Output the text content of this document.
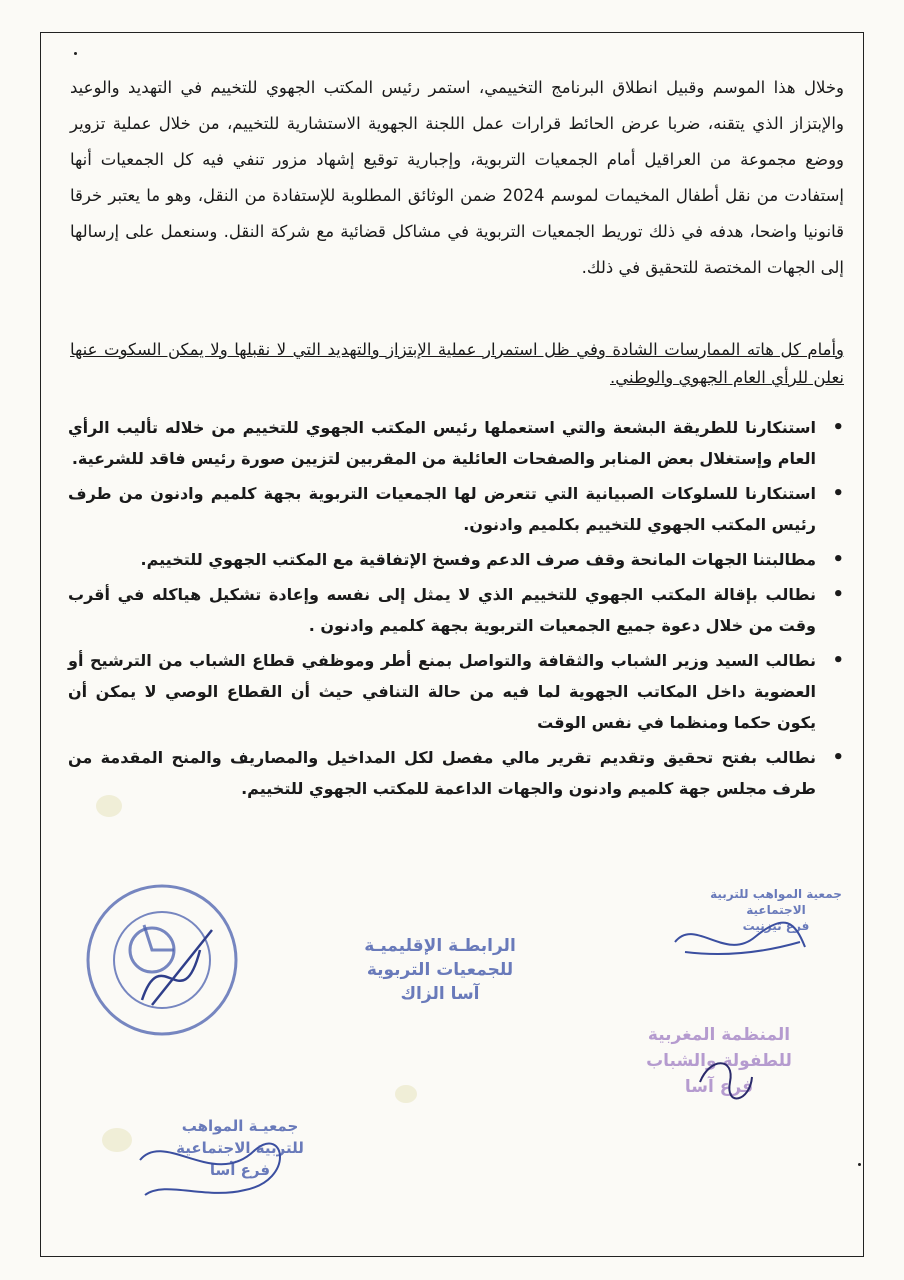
وخلال هذا الموسم وقبيل انطلاق البرنامج التخييمي، استمر رئيس المكتب الجهوي للتخييم في التهديد والوعيد والإبتزاز الذي يتقنه، ضربا عرض الحائط قرارات عمل اللجنة الجهوية الاستشارية للتخييم، من خلال عملية تزوير ووضع مجموعة من العراقيل أمام الجمعيات التربوية، وإجبارية توقيع إشهاد مزور تنفي فيه كل الجمعيات أنها إستفادت من نقل أطفال المخيمات لموسم 2024 ضمن الوثائق المطلوبة للإستفادة من النقل، وهو ما يعتبر خرقا قانونيا واضحا، هدفه في ذلك توريط الجمعيات التربوية في مشاكل قضائية مع شركة النقل. وسنعمل على إرسالها إلى الجهات المختصة للتحقيق في ذلك.
وأمام كل هاته الممارسات الشادة وفي ظل استمرار عملية الإبتزاز والتهديد التي لا نقبلها ولا يمكن السكوت عنها نعلن للرأي العام الجهوي والوطني.
• استنكارنا للطريقة البشعة والتي استعملها رئيس المكتب الجهوي للتخييم من خلاله تأليب الرأي العام وإستغلال بعض المنابر والصفحات العائلية من المقربين لتزيين صورة رئيس فاقد للشرعية.
• استنكارنا للسلوكات الصبيانية التي تتعرض لها الجمعيات التربوية بجهة كلميم وادنون من طرف رئيس المكتب الجهوي للتخييم بكلميم وادنون.
• مطالبتنا الجهات المانحة وقف صرف الدعم وفسخ الإتفاقية مع المكتب الجهوي للتخييم.
• نطالب بإقالة المكتب الجهوي للتخييم الذي لا يمثل إلى نفسه وإعادة تشكيل هياكله في أقرب وقت من خلال دعوة جميع الجمعيات التربوية بجهة كلميم وادنون .
• نطالب السيد وزير الشباب والثقافة والتواصل بمنع أطر وموظفي قطاع الشباب من الترشيح أو العضوية داخل المكاتب الجهوية لما فيه من حالة التنافي حيث أن القطاع الوصي لا يمكن أن يكون حكما ومنظما في نفس الوقت
• نطالب بفتح تحقيق وتقديم تقرير مالي مفصل لكل المداخيل والمصاريف والمنح المقدمة من طرف مجلس جهة كلميم وادنون والجهات الداعمة للمكتب الجهوي للتخييم.
جمعية المواهب للتربية
الاجتماعية
فرع تيزنيت
الرابطـة الإقليميـة
للجمعيات التربوية
آسا الزاك
المنظمة المغربية
للطفولة والشباب
فرع آسا
جمعيـة المواهب
للتربية الاجتماعية
فرع آسا
